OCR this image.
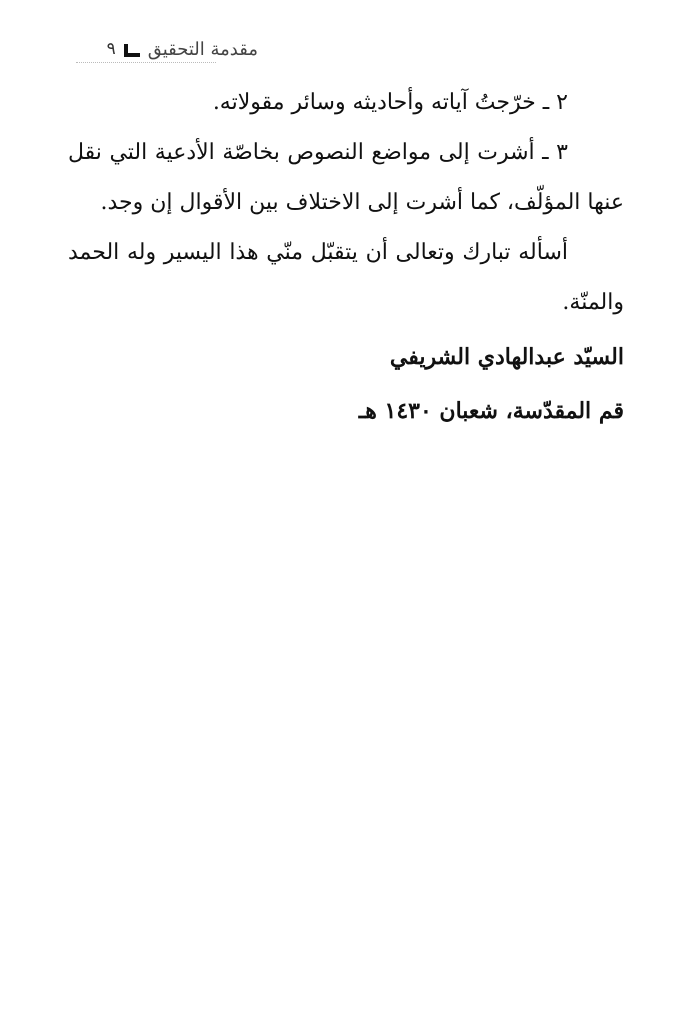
مقدمة التحقيق
٩

٢ ـ خرّجتُ آياته وأحاديثه وسائر مقولاته.

٣ ـ أشرت إلى مواضع النصوص بخاصّة الأدعية التي نقل عنها المؤلّف، كما أشرت إلى الاختلاف بين الأقوال إن وجد.

أسأله تبارك وتعالى أن يتقبّل منّي هذا اليسير وله الحمد والمنّة.

السيّد عبدالهادي الشريفي

قم المقدّسة، شعبان ١٤٣٠ هـ
